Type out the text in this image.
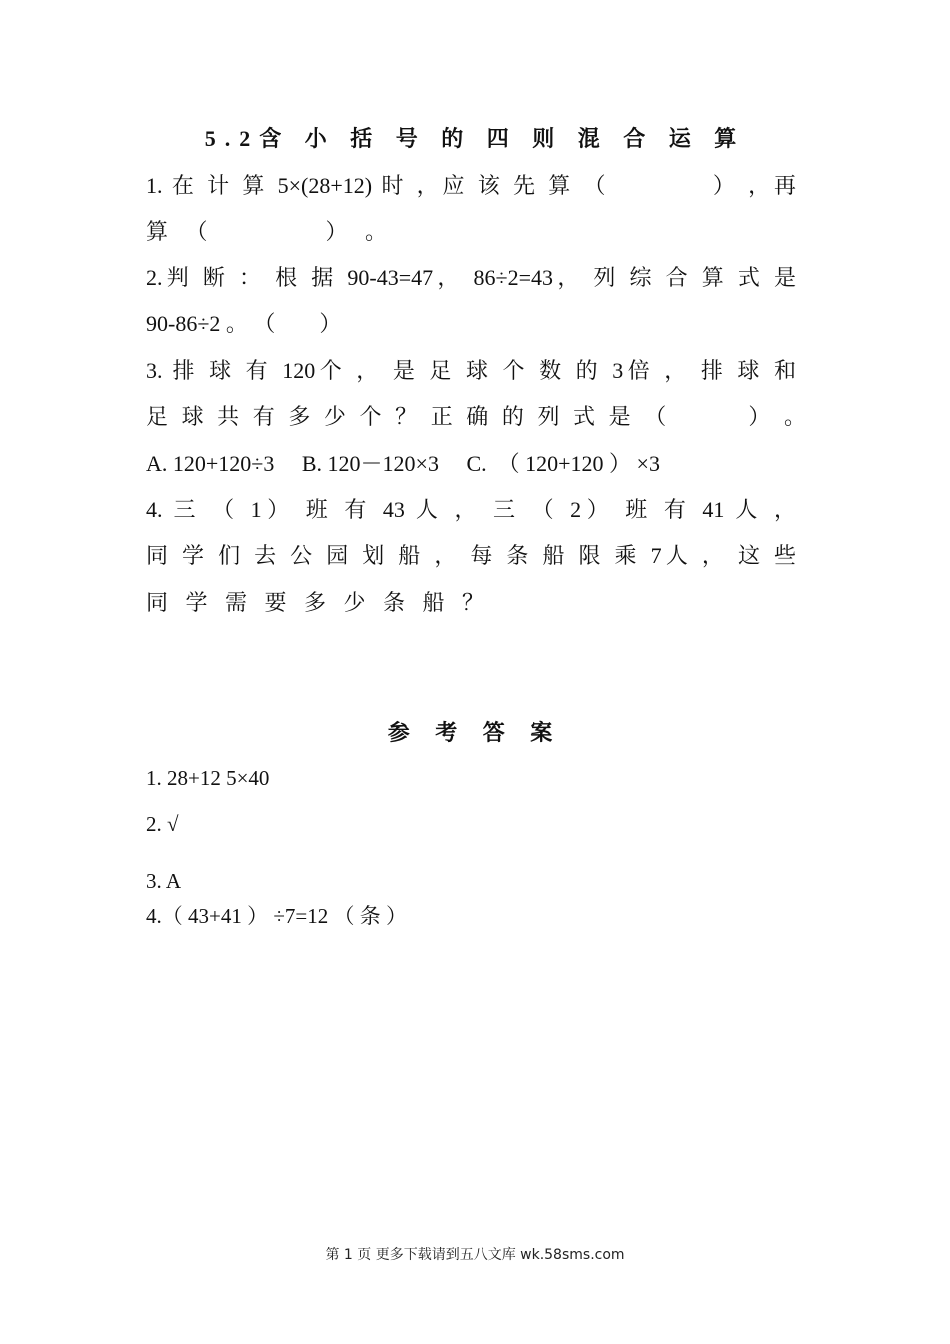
5.2含 小 括 号 的 四 则 混 合 运 算

1. 在 计 算 5×(28+12) 时 ，应 该 先 算 （　　　　） ，再

算 （　　　　） 。

2.判 断 ： 根 据 90-43=47， 86÷2=43， 列 综 合 算 式 是

90-86÷2 。 （　　）

3. 排 球 有 120个 ， 是 足 球 个 数 的 3倍 ， 排 球 和

足 球 共 有 多 少 个 ？ 正 确 的 列 式 是 （　　　） 。

A. 120+120÷3　 B. 120－120×3　 C.　（ 120+120 ） ×3

4. 三 （ 1） 班 有 43 人 ， 三 （ 2） 班 有 41 人 ，

同 学 们 去 公 园 划 船 ， 每 条 船 限 乘 7人 ， 这 些

同 学 需 要 多 少 条 船 ？

参 考 答 案

1. 28+12 5×40

2. √

3. A

4.（ 43+41 ） ÷7=12 （ 条 ）

第 1 页 更多下载请到五八文库 wk.58sms.com
